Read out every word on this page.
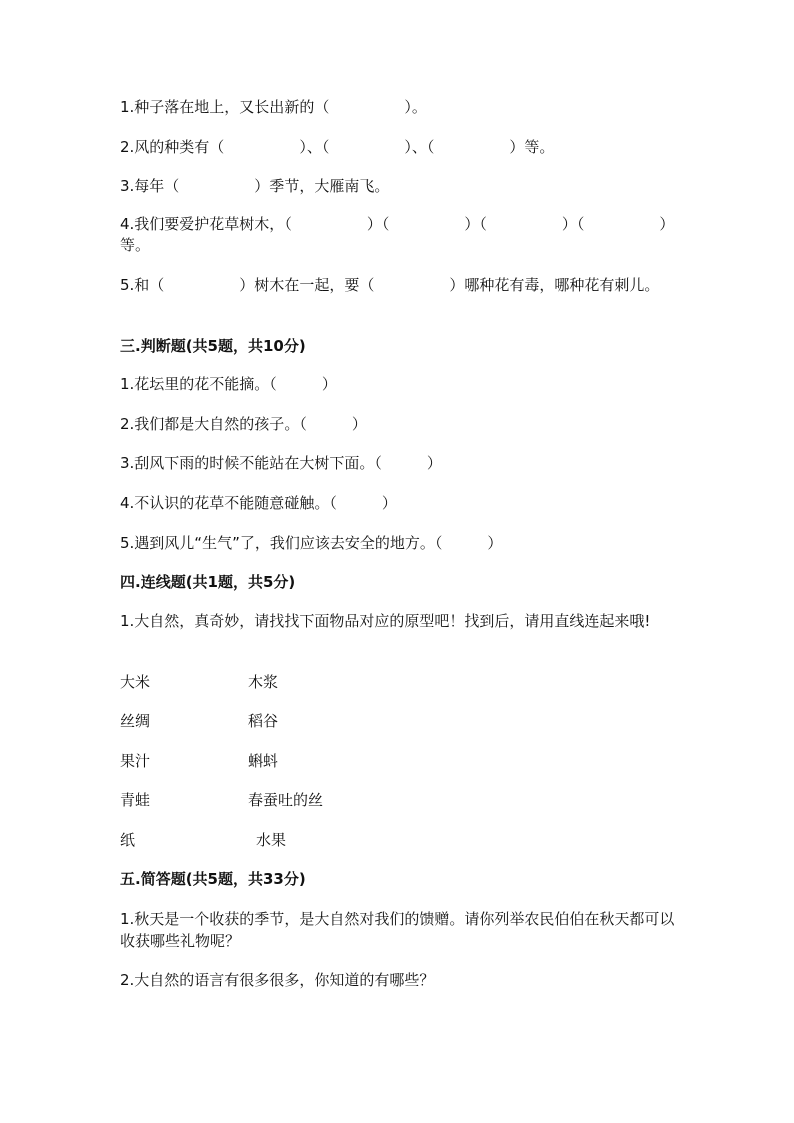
1.种子落在地上，又长出新的（　　　　　）。
2.风的种类有（　　　　　）、（　　　　　）、（　　　　　）等。
3.每年（　　　　　）季节，大雁南飞。
4.我们要爱护花草树木，（　　　　　）（　　　　　）（　　　　　）（　　　　　）等。
5.和（　　　　　）树木在一起，要（　　　　　）哪种花有毒，哪种花有刺儿。
三.判断题(共5题，共10分)
1.花坛里的花不能摘。（　　　）
2.我们都是大自然的孩子。（　　　）
3.刮风下雨的时候不能站在大树下面。（　　　）
4.不认识的花草不能随意碰触。（　　　）
5.遇到风儿“生气”了，我们应该去安全的地方。（　　　）
四.连线题(共1题，共5分)
1.大自然，真奇妙，请找找下面物品对应的原型吧！找到后，请用直线连起来哦!
大米	木浆
丝绸	稻谷
果汁	蝌蚪
青蛙	春蚕吐的丝
纸	水果
五.简答题(共5题，共33分)
1.秋天是一个收获的季节，是大自然对我们的馈赠。请你列举农民伯伯在秋天都可以收获哪些礼物呢？
2.大自然的语言有很多很多，你知道的有哪些？
